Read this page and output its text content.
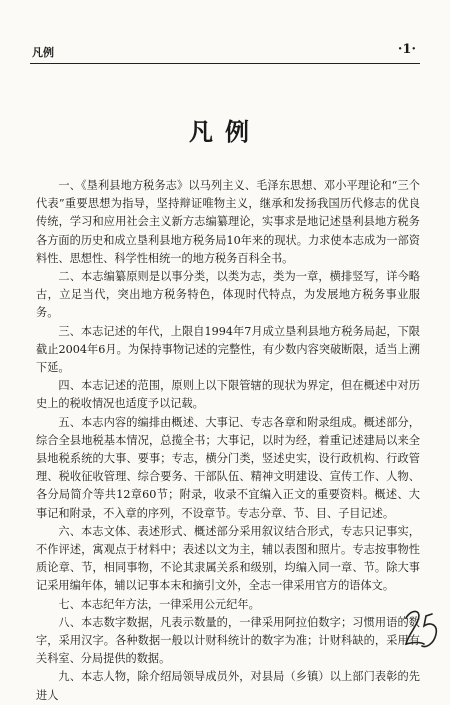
凡例	·1·
凡例

一、《垦利县地方税务志》以马列主义、毛泽东思想、邓小平理论和“三个代表”重要思想为指导，坚持辩证唯物主义，继承和发扬我国历代修志的优良传统，学习和应用社会主义新方志编纂理论，实事求是地记述垦利县地方税务各方面的历史和成立垦利县地方税务局10年来的现状。力求使本志成为一部资料性、思想性、科学性相统一的地方税务百科全书。

二、本志编纂原则是以事分类，以类为志，类为一章，横排竖写，详今略古，立足当代，突出地方税务特色，体现时代特点，为发展地方税务事业服务。

三、本志记述的年代，上限自1994年7月成立垦利县地方税务局起，下限截止2004年6月。为保持事物记述的完整性，有少数内容突破断限，适当上溯下延。

四、本志记述的范围，原则上以下限管辖的现状为界定，但在概述中对历史上的税收情况也适度予以记载。

五、本志内容的编排由概述、大事记、专志各章和附录组成。概述部分，综合全县地税基本情况，总揽全书；大事记，以时为经，着重记述建局以来全县地税系统的大事、要事；专志，横分门类，竖述史实，设行政机构、行政管理、税收征收管理、综合要务、干部队伍、精神文明建设、宣传工作、人物、各分局简介等共12章60节；附录，收录不宜编入正文的重要资料。概述、大事记和附录，不入章的序列，不设章节。专志分章、节、目、子目记述。

六、本志文体、表述形式、概述部分采用叙议结合形式，专志只记事实，不作评述，寓观点于材料中；表述以文为主，辅以表图和照片。专志按事物性质论章、节，相同事物，不论其隶属关系和级别，均编入同一章、节。除大事记采用编年体，辅以记事本末和摘引文外，全志一律采用官方的语体文。

七、本志纪年方法，一律采用公元纪年。

八、本志数字数据，凡表示数量的，一律采用阿拉伯数字；习惯用语的数字，采用汉字。各种数据一般以计财科统计的数字为准；计财科缺的，采用有关科室、分局提供的数据。

九、本志人物，除介绍局领导成员外，对县局（乡镇）以上部门表彰的先进人
